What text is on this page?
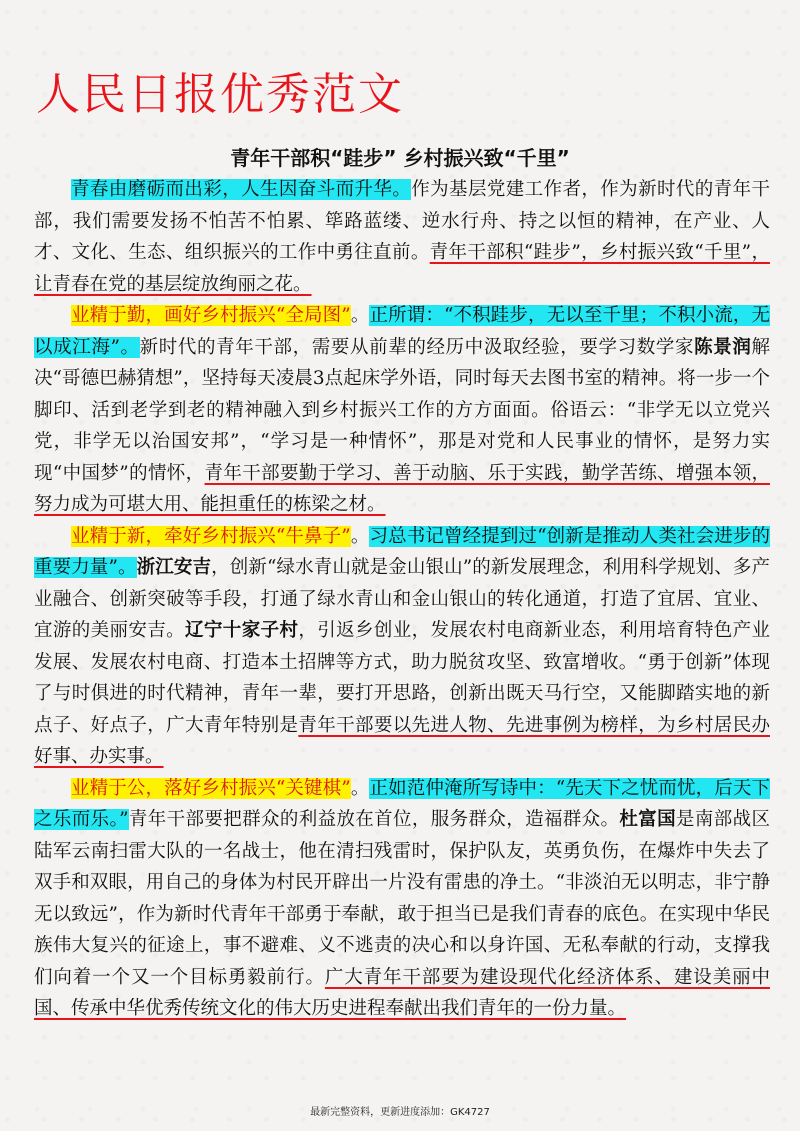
人民日报优秀范文
青年干部积“跬步” 乡村振兴致“千里”

青春由磨砺而出彩，人生因奋斗而升华。作为基层党建工作者，作为新时代的青年干部，我们需要发扬不怕苦不怕累、筚路蓝缕、逆水行舟、持之以恒的精神，在产业、人才、文化、生态、组织振兴的工作中勇往直前。青年干部积“跬步”，乡村振兴致“千里”，让青春在党的基层绽放绚丽之花。

业精于勤，画好乡村振兴“全局图”。正所谓：“不积跬步，无以至千里；不积小流，无以成江海”。新时代的青年干部，需要从前辈的经历中汲取经验，要学习数学家陈景润解决“哥德巴赫猜想”，坚持每天凌晨3点起床学外语，同时每天去图书室的精神。将一步一个脚印、活到老学到老的精神融入到乡村振兴工作的方方面面。俗语云：“非学无以立党兴党，非学无以治国安邦”，“学习是一种情怀”，那是对党和人民事业的情怀，是努力实现“中国梦”的情怀，青年干部要勤于学习、善于动脑、乐于实践，勤学苦练、增强本领，努力成为可堪大用、能担重任的栋梁之材。

业精于新，牵好乡村振兴“牛鼻子”。习总书记曾经提到过“创新是推动人类社会进步的重要力量”。浙江安吉，创新“绿水青山就是金山银山”的新发展理念，利用科学规划、多产业融合、创新突破等手段，打通了绿水青山和金山银山的转化通道，打造了宜居、宜业、宜游的美丽安吉。辽宁十家子村，引返乡创业，发展农村电商新业态，利用培育特色产业发展、发展农村电商、打造本土招牌等方式，助力脱贫攻坚、致富增收。“勇于创新”体现了与时俱进的时代精神，青年一辈，要打开思路，创新出既天马行空，又能脚踏实地的新点子、好点子，广大青年特别是青年干部要以先进人物、先进事例为榜样，为乡村居民办好事、办实事。

业精于公，落好乡村振兴“关键棋”。正如范仲淹所写诗中：“先天下之忧而忧，后天下之乐而乐。”青年干部要把群众的利益放在首位，服务群众，造福群众。杜富国是南部战区陆军云南扫雷大队的一名战士，他在清扫残雷时，保护队友，英勇负伤，在爆炸中失去了双手和双眼，用自己的身体为村民开辟出一片没有雷患的净土。“非淡泊无以明志，非宁静无以致远”，作为新时代青年干部勇于奉献，敢于担当已是我们青春的底色。在实现中华民族伟大复兴的征途上，事不避难、义不逃责的决心和以身许国、无私奉献的行动，支撑我们向着一个又一个目标勇毅前行。广大青年干部要为建设现代化经济体系、建设美丽中国、传承中华优秀传统文化的伟大历史进程奉献出我们青年的一份力量。

最新完整资料，更新进度添加：GK4727
